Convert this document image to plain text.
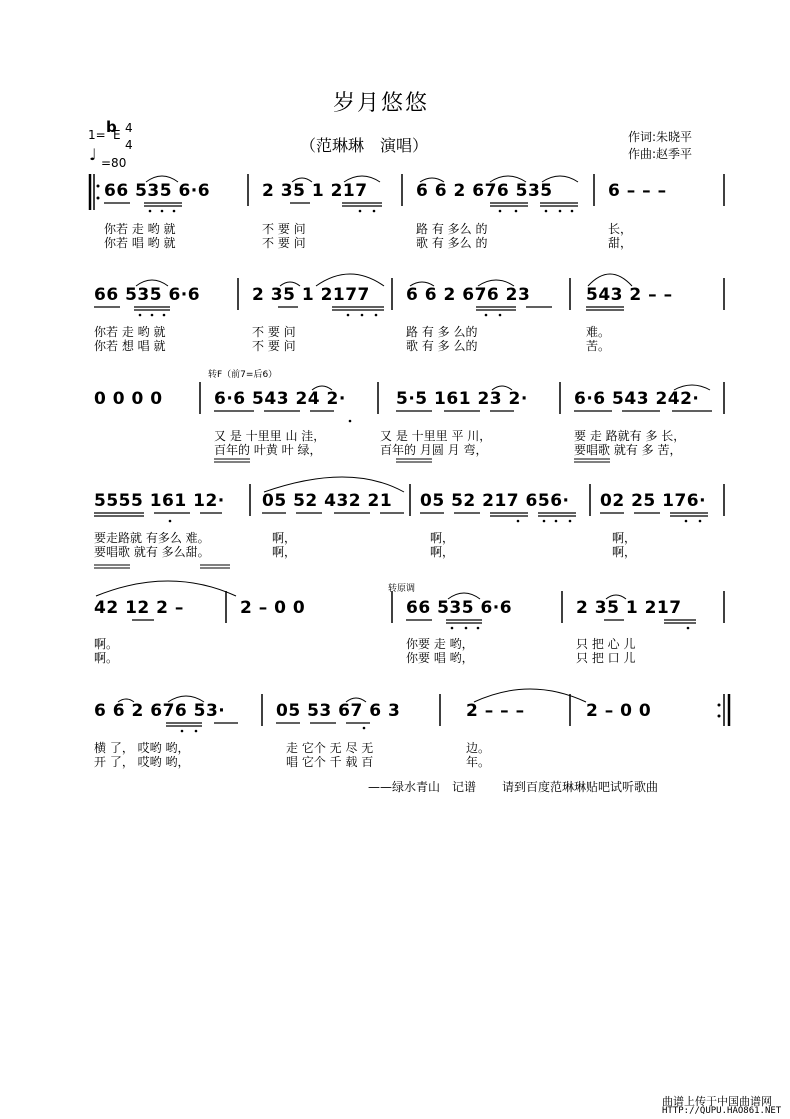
岁月悠悠
（范琳琳　演唱）	作词:朱晓平
作曲:赵季平
1= b
E 4
4
♩ =80
66 535 6·6	2 35 1 217	6 6 2 676 535	6 – – –
你若 走 哟 就	不 要 问	路 有 多么 的	长，
你若 唱 哟 就	不 要 问	歌 有 多么 的	甜，
66 535 6·6	2 35 1 2177 6 6 2 676 23	543 2 – –
你若 走 哟 就	不 要 问	路 有 多 么的	难。
你若 想 唱 就	不 要 问	歌 有 多 么的	苦。
转F（前7=后6）
0 0 0 0	6·6 543 24 2·	5·5 161 23 2·	6·6 543 242·
又 是 十里里 山 洼，	又 是 十里里 平 川，	要 走 路就有 多 长，
百年的 叶黄 叶 绿，	百年的 月圆 月 弯，	要唱歌 就有 多 苦，
5555 161 12· 05 52 432 21 05 52 217 656· 02 25 176·
要走路就 有多么 难。	啊，	啊，	啊，
要唱歌 就有 多么甜。	啊，	啊，	啊，
转原调
42 12 2 –	2 – 0 0	66 535 6·6	2 35 1 217
啊。	你要 走 哟，	只 把 心 儿
啊。	你要 唱 哟，	只 把 口 儿
6 6 2 676 53·	05 53 67 6 3	2 – – –	2 – 0 0
横 了， 哎哟 哟，	走 它个 无 尽 无	边。
开 了， 哎哟 哟，	唱 它个 千 载 百	年。
——绿水青山　记谱 请到百度范琳琳贴吧试听歌曲
曲谱上传于中国曲谱网
HTTP://QUPU.HAO861.NET
